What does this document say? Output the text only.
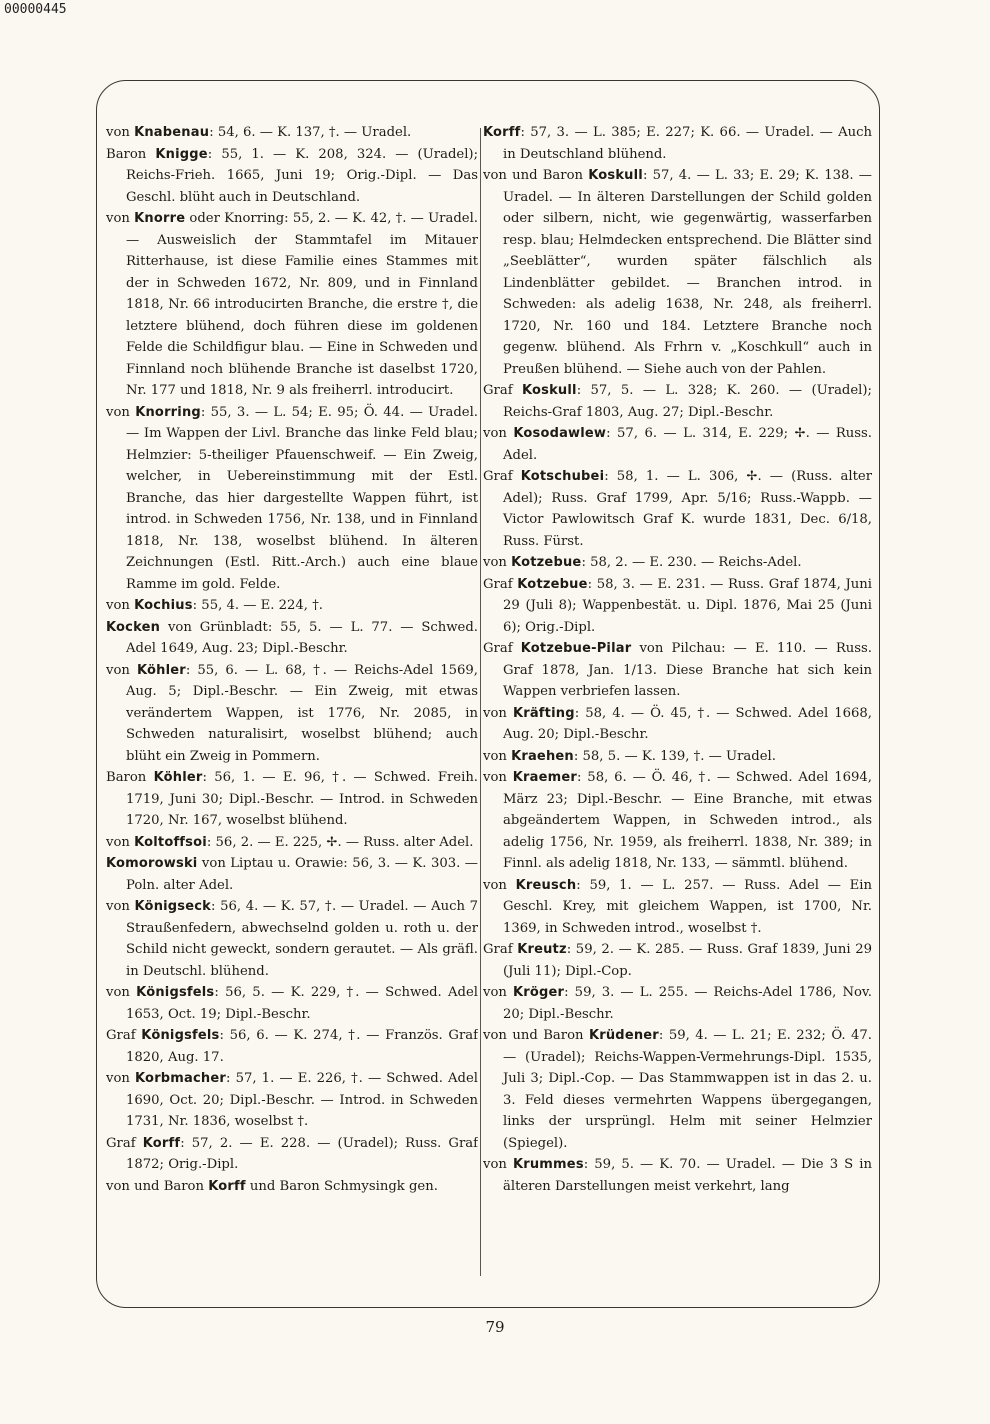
00000445

von Knabenau: 54, 6. — K. 137, †. — Uradel.

Baron Knigge: 55, 1. — K. 208, 324. — (Uradel); Reichs-Frieh. 1665, Juni 19; Orig.-Dipl. — Das Geschl. blüht auch in Deutschland.

von Knorre oder Knorring: 55, 2. — K. 42, †. — Uradel. — Ausweislich der Stammtafel im Mitauer Ritterhause, ist diese Familie eines Stammes mit der in Schweden 1672, Nr. 809, und in Finnland 1818, Nr. 66 introducirten Branche, die erstre †, die letztere blühend, doch führen diese im goldenen Felde die Schildfigur blau. — Eine in Schweden und Finnland noch blühende Branche ist daselbst 1720, Nr. 177 und 1818, Nr. 9 als freiherrl. introducirt.

von Knorring: 55, 3. — L. 54; E. 95; Ö. 44. — Uradel. — Im Wappen der Livl. Branche das linke Feld blau; Helmzier: 5-theiliger Pfauenschweif. — Ein Zweig, welcher, in Uebereinstimmung mit der Estl. Branche, das hier dargestellte Wappen führt, ist introd. in Schweden 1756, Nr. 138, und in Finnland 1818, Nr. 138, woselbst blühend. In älteren Zeichnungen (Estl. Ritt.-Arch.) auch eine blaue Ramme im gold. Felde.

von Kochius: 55, 4. — E. 224, †.

Kocken von Grünbladt: 55, 5. — L. 77. — Schwed. Adel 1649, Aug. 23; Dipl.-Beschr.

von Köhler: 55, 6. — L. 68, †. — Reichs-Adel 1569, Aug. 5; Dipl.-Beschr. — Ein Zweig, mit etwas verändertem Wappen, ist 1776, Nr. 2085, in Schweden naturalisirt, woselbst blühend; auch blüht ein Zweig in Pommern.

Baron Köhler: 56, 1. — E. 96, †. — Schwed. Freih. 1719, Juni 30; Dipl.-Beschr. — Introd. in Schweden 1720, Nr. 167, woselbst blühend.

von Koltoffsoi: 56, 2. — E. 225, ✢. — Russ. alter Adel.

Komorowski von Liptau u. Orawie: 56, 3. — K. 303. — Poln. alter Adel.

von Königseck: 56, 4. — K. 57, †. — Uradel. — Auch 7 Straußenfedern, abwechselnd golden u. roth u. der Schild nicht geweckt, sondern gerautet. — Als gräfl. in Deutschl. blühend.

von Königsfels: 56, 5. — K. 229, †. — Schwed. Adel 1653, Oct. 19; Dipl.-Beschr.

Graf Königsfels: 56, 6. — K. 274, †. — Französ. Graf 1820, Aug. 17.

von Korbmacher: 57, 1. — E. 226, †. — Schwed. Adel 1690, Oct. 20; Dipl.-Beschr. — Introd. in Schweden 1731, Nr. 1836, woselbst †.

Graf Korff: 57, 2. — E. 228. — (Uradel); Russ. Graf 1872; Orig.-Dipl.

von und Baron Korff und Baron Schmysingk gen.

Korff: 57, 3. — L. 385; E. 227; K. 66. — Uradel. — Auch in Deutschland blühend.

von und Baron Koskull: 57, 4. — L. 33; E. 29; K. 138. — Uradel. — In älteren Darstellungen der Schild golden oder silbern, nicht, wie gegenwärtig, wasserfarben resp. blau; Helmdecken entsprechend. Die Blätter sind „Seeblätter“, wurden später fälschlich als Lindenblätter gebildet. — Branchen introd. in Schweden: als adelig 1638, Nr. 248, als freiherrl. 1720, Nr. 160 und 184. Letztere Branche noch gegenw. blühend. Als Frhrn v. „Koschkull“ auch in Preußen blühend. — Siehe auch von der Pahlen.

Graf Koskull: 57, 5. — L. 328; K. 260. — (Uradel); Reichs-Graf 1803, Aug. 27; Dipl.-Beschr.

von Kosodawlew: 57, 6. — L. 314, E. 229; ✢. — Russ. Adel.

Graf Kotschubei: 58, 1. — L. 306, ✢. — (Russ. alter Adel); Russ. Graf 1799, Apr. 5/16; Russ.-Wappb. — Victor Pawlowitsch Graf K. wurde 1831, Dec. 6/18, Russ. Fürst.

von Kotzebue: 58, 2. — E. 230. — Reichs-Adel.

Graf Kotzebue: 58, 3. — E. 231. — Russ. Graf 1874, Juni 29 (Juli 8); Wappenbestät. u. Dipl. 1876, Mai 25 (Juni 6); Orig.-Dipl.

Graf Kotzebue-Pilar von Pilchau: — E. 110. — Russ. Graf 1878, Jan. 1/13. Diese Branche hat sich kein Wappen verbriefen lassen.

von Kräfting: 58, 4. — Ö. 45, †. — Schwed. Adel 1668, Aug. 20; Dipl.-Beschr.

von Kraehen: 58, 5. — K. 139, †. — Uradel.

von Kraemer: 58, 6. — Ö. 46, †. — Schwed. Adel 1694, März 23; Dipl.-Beschr. — Eine Branche, mit etwas abgeändertem Wappen, in Schweden introd., als adelig 1756, Nr. 1959, als freiherrl. 1838, Nr. 389; in Finnl. als adelig 1818, Nr. 133, — sämmtl. blühend.

von Kreusch: 59, 1. — L. 257. — Russ. Adel — Ein Geschl. Krey, mit gleichem Wappen, ist 1700, Nr. 1369, in Schweden introd., woselbst †.

Graf Kreutz: 59, 2. — K. 285. — Russ. Graf 1839, Juni 29 (Juli 11); Dipl.-Cop.

von Kröger: 59, 3. — L. 255. — Reichs-Adel 1786, Nov. 20; Dipl.-Beschr.

von und Baron Krüdener: 59, 4. — L. 21; E. 232; Ö. 47. — (Uradel); Reichs-Wappen-Vermehrungs-Dipl. 1535, Juli 3; Dipl.-Cop. — Das Stammwappen ist in das 2. u. 3. Feld dieses vermehrten Wappens übergegangen, links der ursprüngl. Helm mit seiner Helmzier (Spiegel).

von Krummes: 59, 5. — K. 70. — Uradel. — Die 3 S in älteren Darstellungen meist verkehrt, lang

79
